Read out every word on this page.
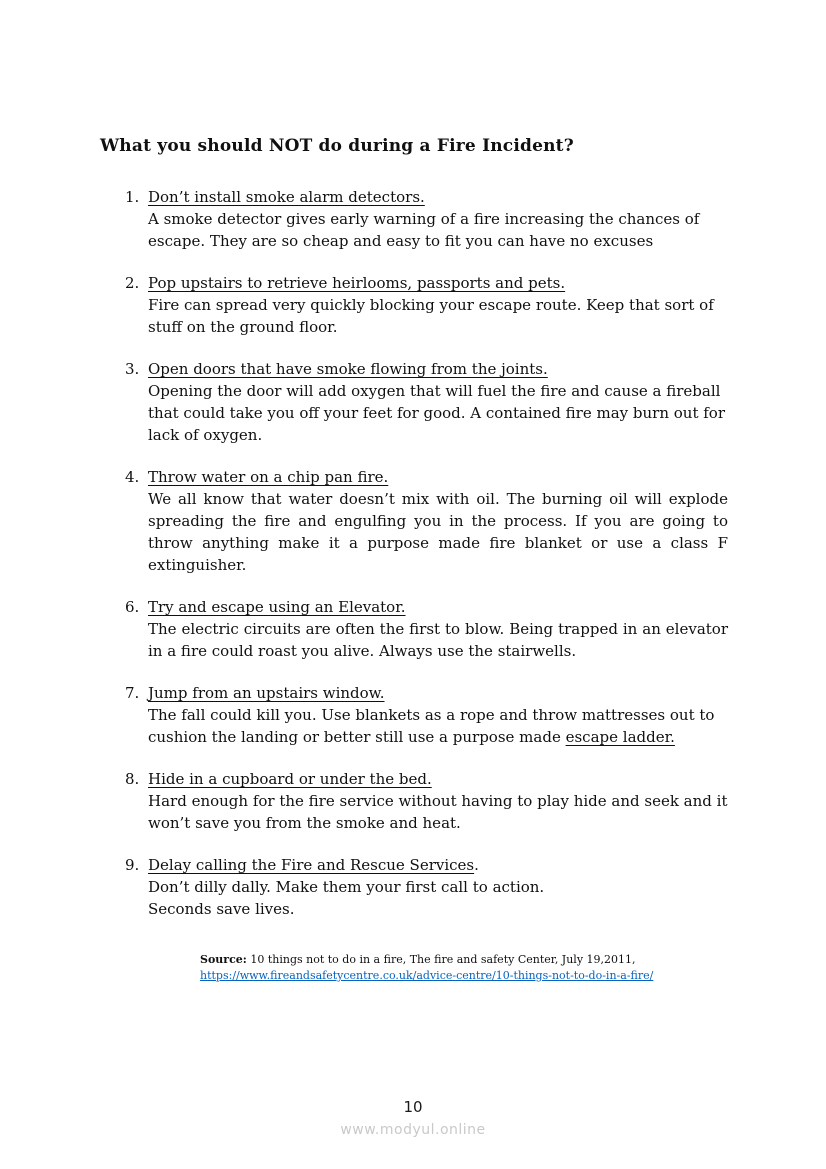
What you should NOT do during a Fire Incident?
1. Don’t install smoke alarm detectors.
A smoke detector gives early warning of a fire increasing the chances of escape. They are so cheap and easy to fit you can have no excuses
2. Pop upstairs to retrieve heirlooms, passports and pets.
Fire can spread very quickly blocking your escape route. Keep that sort of stuff on the ground floor.
3. Open doors that have smoke flowing from the joints.
Opening the door will add oxygen that will fuel the fire and cause a fireball that could take you off your feet for good. A contained fire may burn out for lack of oxygen.
4. Throw water on a chip pan fire.
We all know that water doesn’t mix with oil. The burning oil will explode spreading the fire and engulfing you in the process. If you are going to throw anything make it a purpose made fire blanket or use a class F extinguisher.
6. Try and escape using an Elevator.
The electric circuits are often the first to blow. Being trapped in an elevator in a fire could roast you alive. Always use the stairwells.
7. Jump from an upstairs window.
The fall could kill you. Use blankets as a rope and throw mattresses out to cushion the landing or better still use a purpose made escape ladder.
8. Hide in a cupboard or under the bed.
Hard enough for the fire service without having to play hide and seek and it won’t save you from the smoke and heat.
9. Delay calling the Fire and Rescue Services.
Don’t dilly dally. Make them your first call to action.
Seconds save lives.
Source: 10 things not to do in a fire, The fire and safety Center, July 19,2011,
https://www.fireandsafetycentre.co.uk/advice-centre/10-things-not-to-do-in-a-fire/
10
www.modyul.online
